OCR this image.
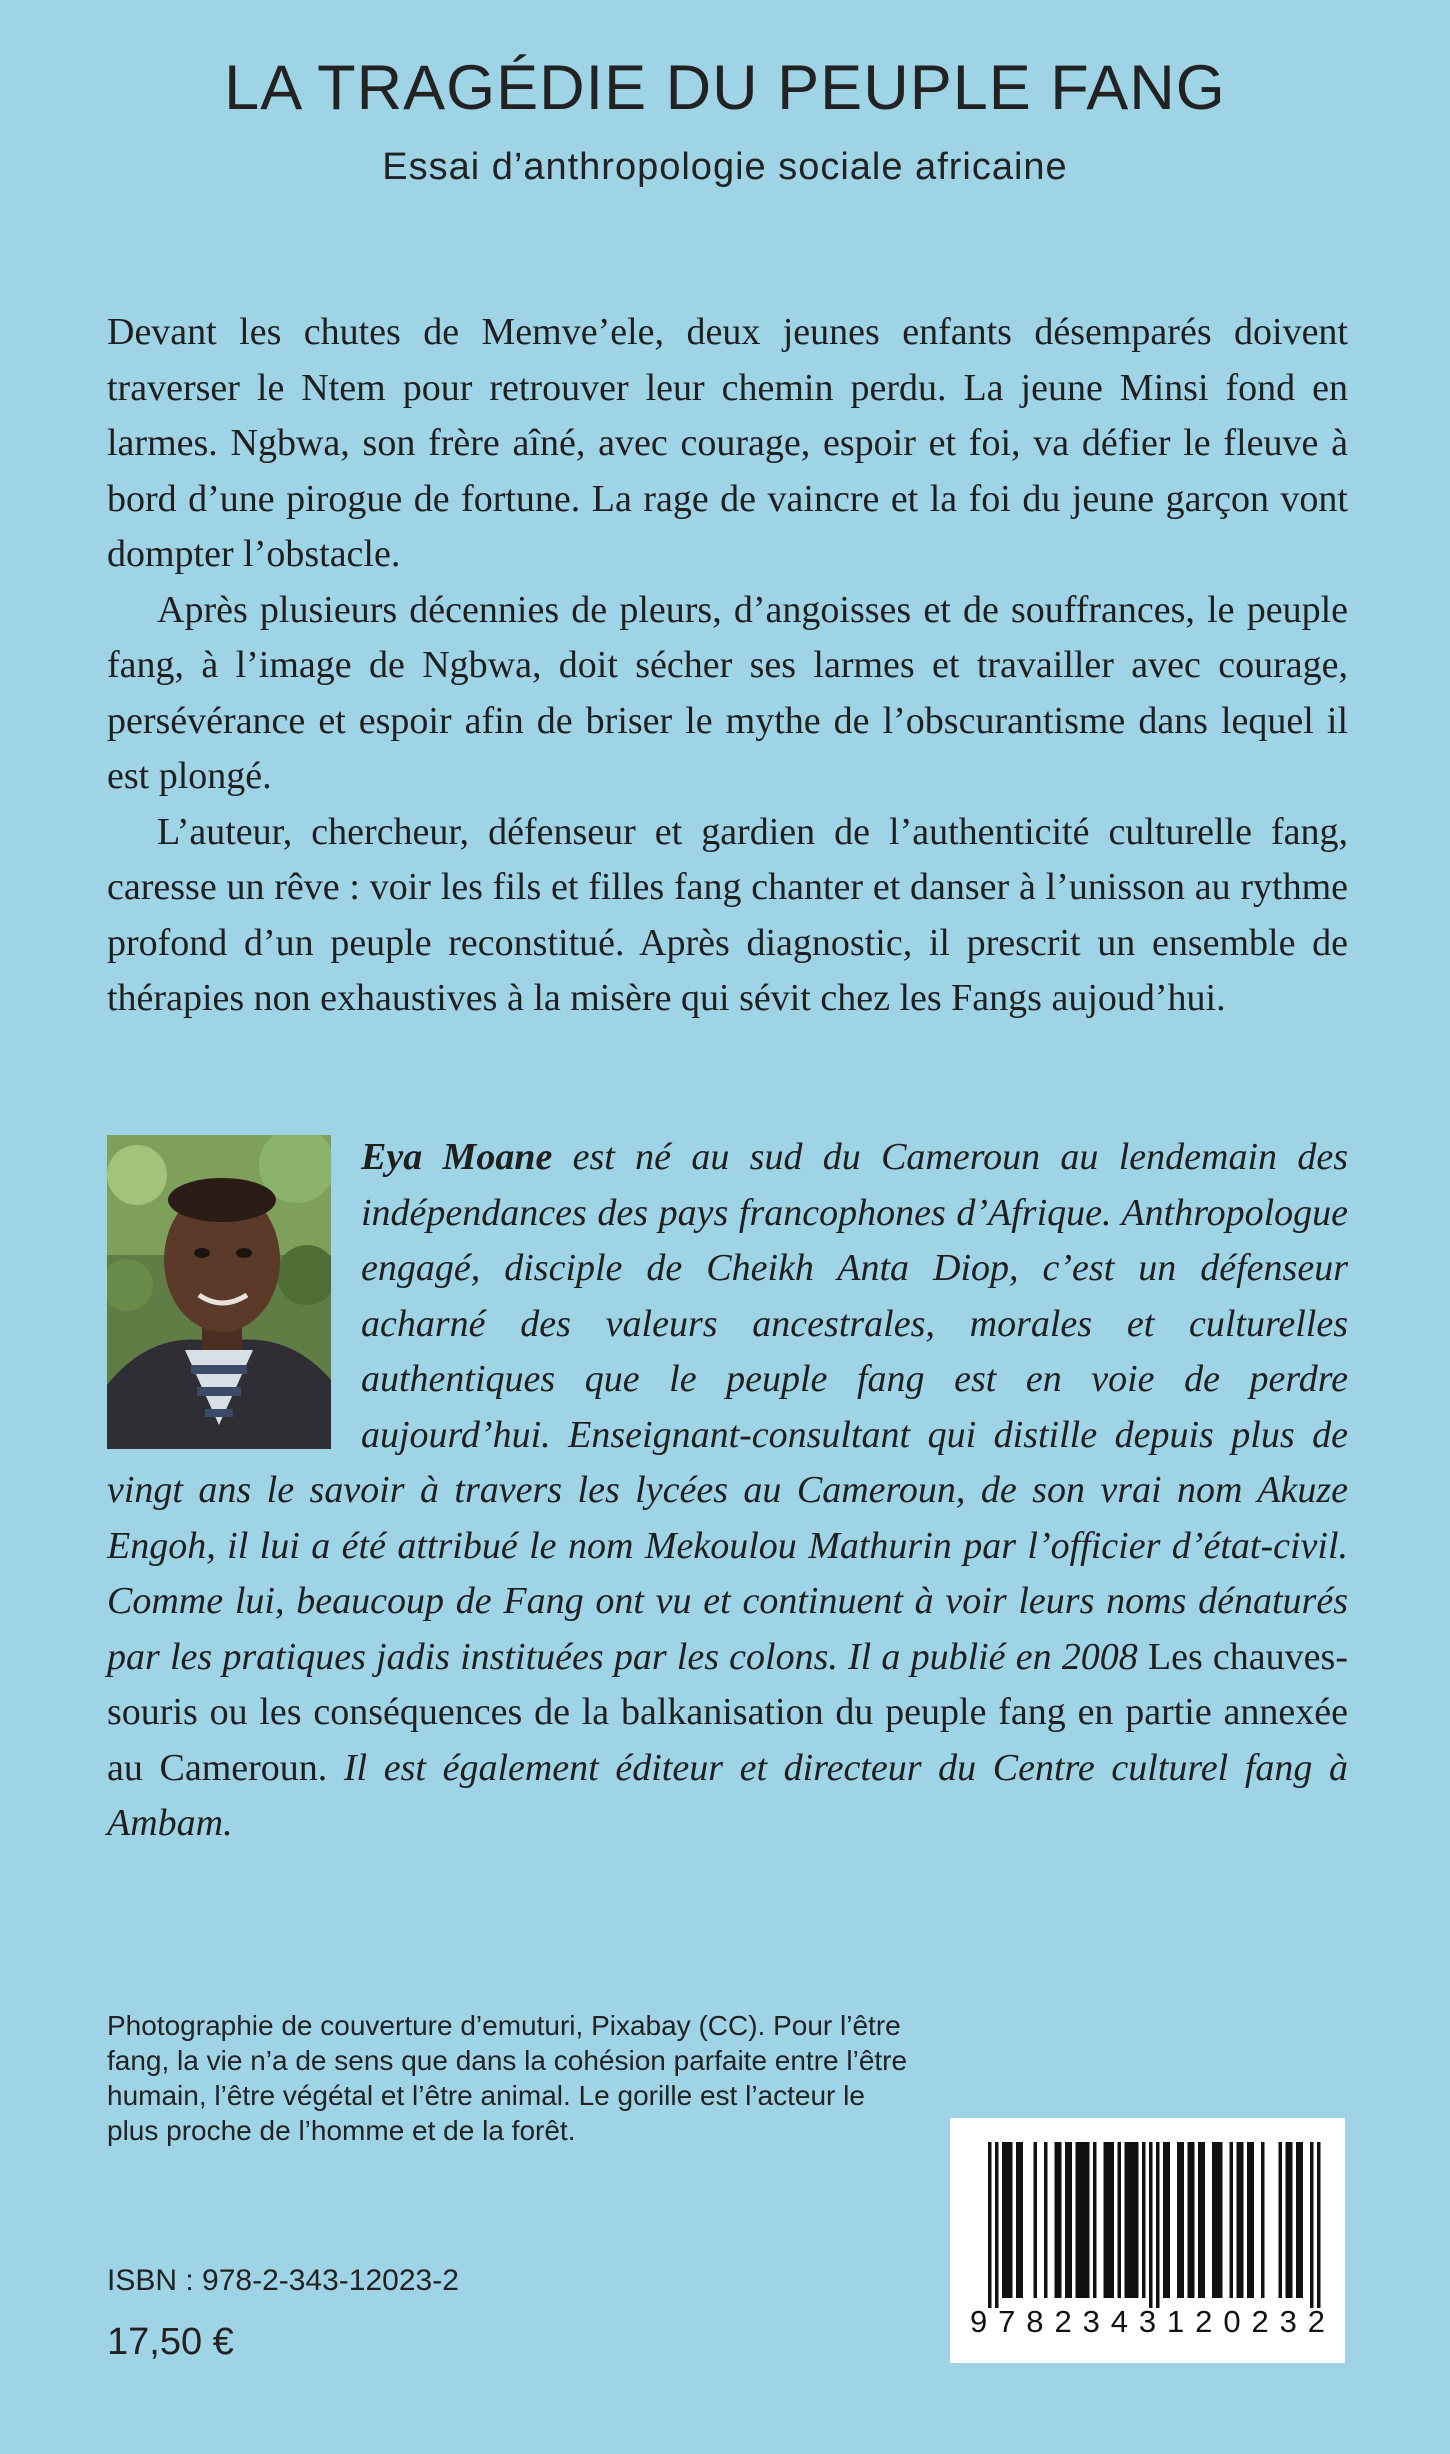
LA TRAGÉDIE DU PEUPLE FANG
Essai d’anthropologie sociale africaine

Devant les chutes de Memve’ele, deux jeunes enfants désemparés doivent traverser le Ntem pour retrouver leur chemin perdu. La jeune Minsi fond en larmes. Ngbwa, son frère aîné, avec courage, espoir et foi, va défier le fleuve à bord d’une pirogue de fortune. La rage de vaincre et la foi du jeune garçon vont dompter l’obstacle.

Après plusieurs décennies de pleurs, d’angoisses et de souffrances, le peuple fang, à l’image de Ngbwa, doit sécher ses larmes et travailler avec courage, persévérance et espoir afin de briser le mythe de l’obscurantisme dans lequel il est plongé.

L’auteur, chercheur, défenseur et gardien de l’authenticité culturelle fang, caresse un rêve : voir les fils et filles fang chanter et danser à l’unisson au rythme profond d’un peuple reconstitué. Après diagnostic, il prescrit un ensemble de thérapies non exhaustives à la misère qui sévit chez les Fangs aujoud’hui.

Eya Moane est né au sud du Cameroun au lendemain des indépendances des pays francophones d’Afrique. Anthropologue engagé, disciple de Cheikh Anta Diop, c’est un défenseur acharné des valeurs ancestrales, morales et culturelles authentiques que le peuple fang est en voie de perdre aujourd’hui. Enseignant-consultant qui distille depuis plus de vingt ans le savoir à travers les lycées au Cameroun, de son vrai nom Akuze Engoh, il lui a été attribué le nom Mekoulou Mathurin par l’officier d’état-civil. Comme lui, beaucoup de Fang ont vu et continuent à voir leurs noms dénaturés par les pratiques jadis instituées par les colons. Il a publié en 2008 Les chauves-souris ou les conséquences de la balkanisation du peuple fang en partie annexée au Cameroun. Il est également éditeur et directeur du Centre culturel fang à Ambam.
Photographie de couverture d’emuturi, Pixabay (CC). Pour l’être fang, la vie n’a de sens que dans la cohésion parfaite entre l’être humain, l’être végétal et l’être animal. Le gorille est l’acteur le plus proche de l’homme et de la forêt.
ISBN : 978-2-343-12023-2
17,50 €	9 7 8 2 3 4 3 1 2 0 2 3 2
